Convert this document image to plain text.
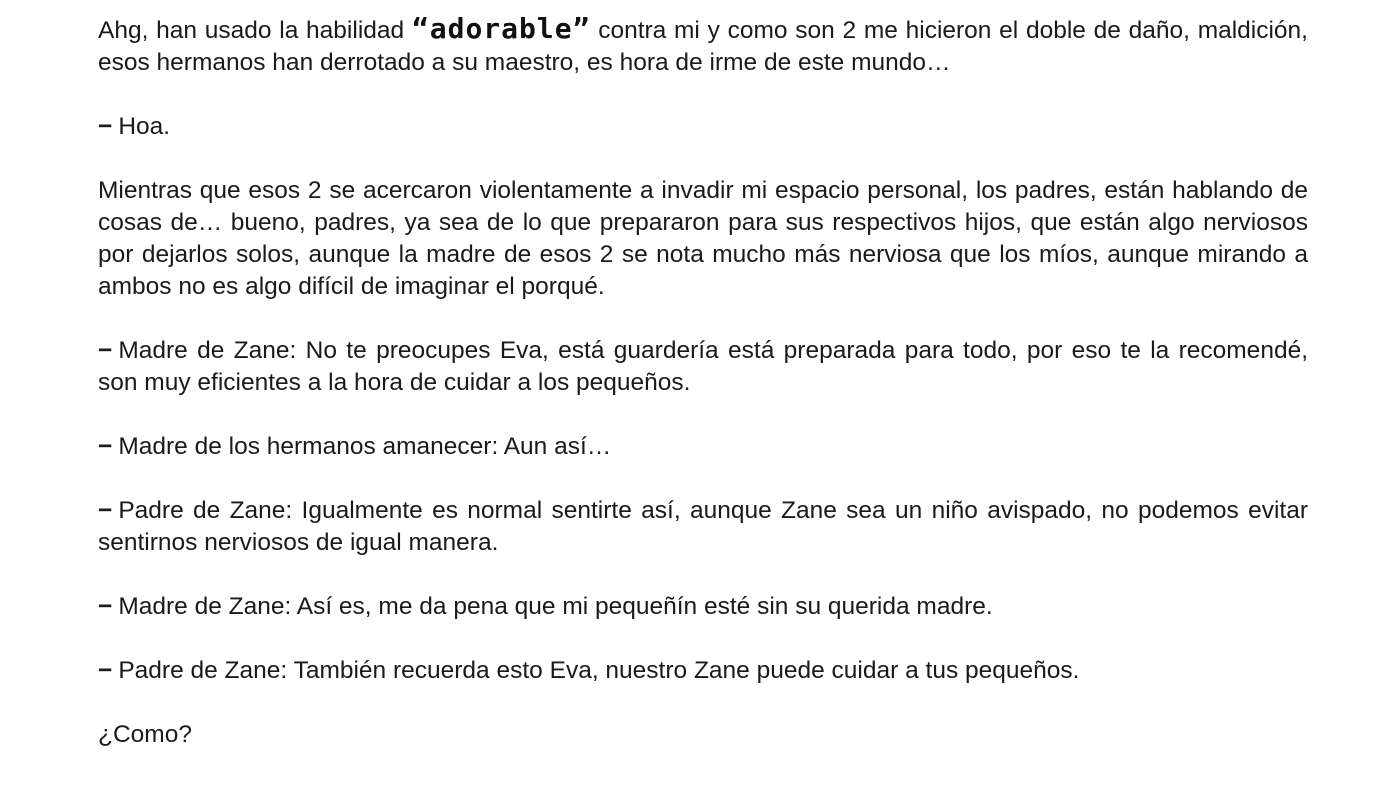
Ahg, han usado la habilidad “adorable” contra mi y como son 2 me hicieron el doble de daño, maldición, esos hermanos han derrotado a su maestro, es hora de irme de este mundo…

− Hoa.

Mientras que esos 2 se acercaron violentamente a invadir mi espacio personal, los padres, están hablando de cosas de… bueno, padres, ya sea de lo que prepararon para sus respectivos hijos, que están algo nerviosos por dejarlos solos, aunque la madre de esos 2 se nota mucho más nerviosa que los míos, aunque mirando a ambos no es algo difícil de imaginar el porqué.

− Madre de Zane: No te preocupes Eva, está guardería está preparada para todo, por eso te la recomendé, son muy eficientes a la hora de cuidar a los pequeños.

− Madre de los hermanos amanecer: Aun así…

− Padre de Zane: Igualmente es normal sentirte así, aunque Zane sea un niño avispado, no podemos evitar sentirnos nerviosos de igual manera.

− Madre de Zane: Así es, me da pena que mi pequeñín esté sin su querida madre.

− Padre de Zane: También recuerda esto Eva, nuestro Zane puede cuidar a tus pequeños.

¿Como?
